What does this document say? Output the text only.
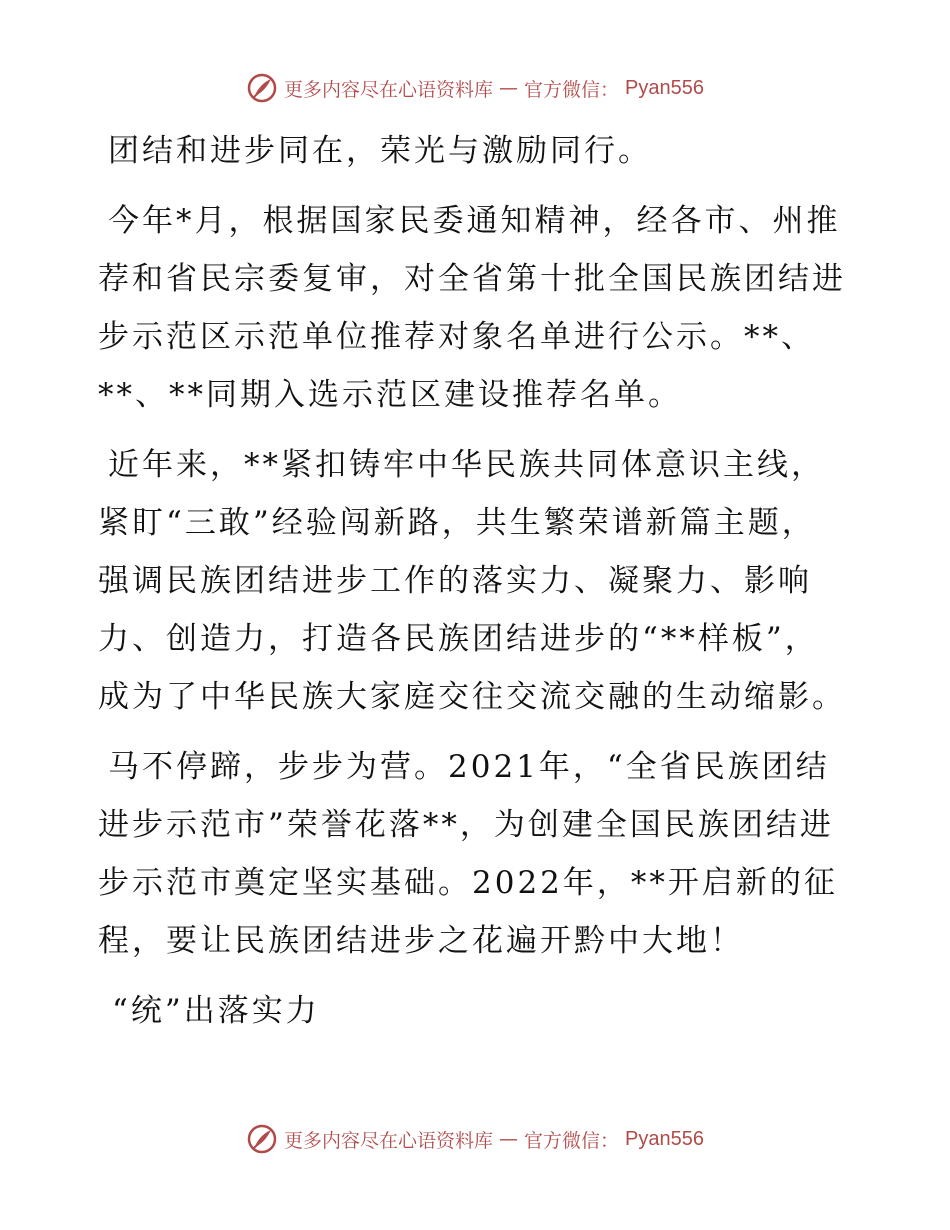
更多内容尽在心语资料库 — 官方微信： Pyan556

团结和进步同在，荣光与激励同行。

今年*月，根据国家民委通知精神，经各市、州推
荐和省民宗委复审，对全省第十批全国民族团结进
步示范区示范单位推荐对象名单进行公示。**、
**、**同期入选示范区建设推荐名单。

近年来，**紧扣铸牢中华民族共同体意识主线，
紧盯“三敢”经验闯新路，共生繁荣谱新篇主题，
强调民族团结进步工作的落实力、凝聚力、影响
力、创造力，打造各民族团结进步的“**样板”，
成为了中华民族大家庭交往交流交融的生动缩影。

马不停蹄，步步为营。2021年，“全省民族团结
进步示范市”荣誉花落**，为创建全国民族团结进
步示范市奠定坚实基础。2022年，**开启新的征
程，要让民族团结进步之花遍开黔中大地！

“统”出落实力

更多内容尽在心语资料库 — 官方微信： Pyan556
